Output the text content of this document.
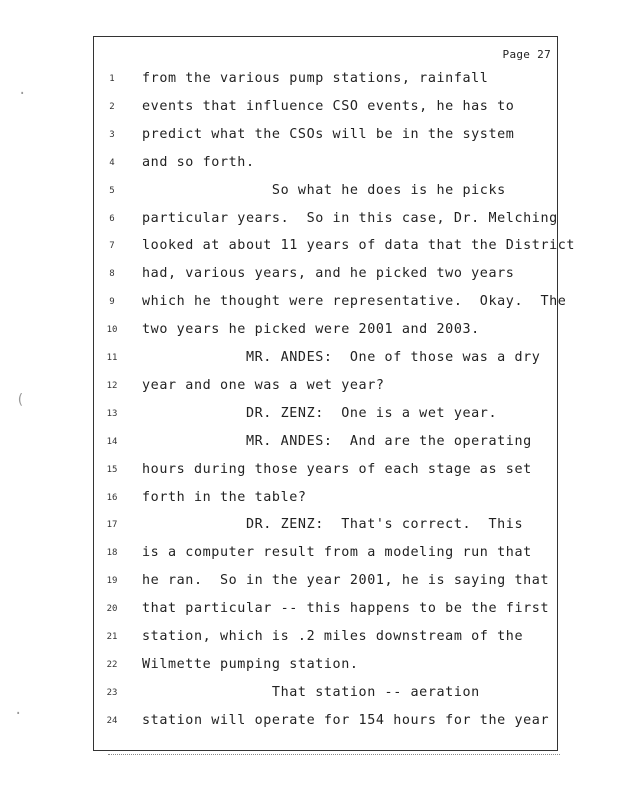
·
(
·
Page 27
1	from the various pump stations, rainfall
2	events that influence CSO events, he has to
3	predict what the CSOs will be in the system
4	and so forth.
5	So what he does is he picks
6	particular years.  So in this case, Dr. Melching
7	looked at about 11 years of data that the District
8	had, various years, and he picked two years
9	which he thought were representative.  Okay.  The
10	two years he picked were 2001 and 2003.
11	MR. ANDES:  One of those was a dry
12	year and one was a wet year?
13	DR. ZENZ:  One is a wet year.
14	MR. ANDES:  And are the operating
15	hours during those years of each stage as set
16	forth in the table?
17	DR. ZENZ:  That's correct.  This
18	is a computer result from a modeling run that
19	he ran.  So in the year 2001, he is saying that
20	that particular -- this happens to be the first
21	station, which is .2 miles downstream of the
22	Wilmette pumping station.
23	That station -- aeration
24	station will operate for 154 hours for the year
